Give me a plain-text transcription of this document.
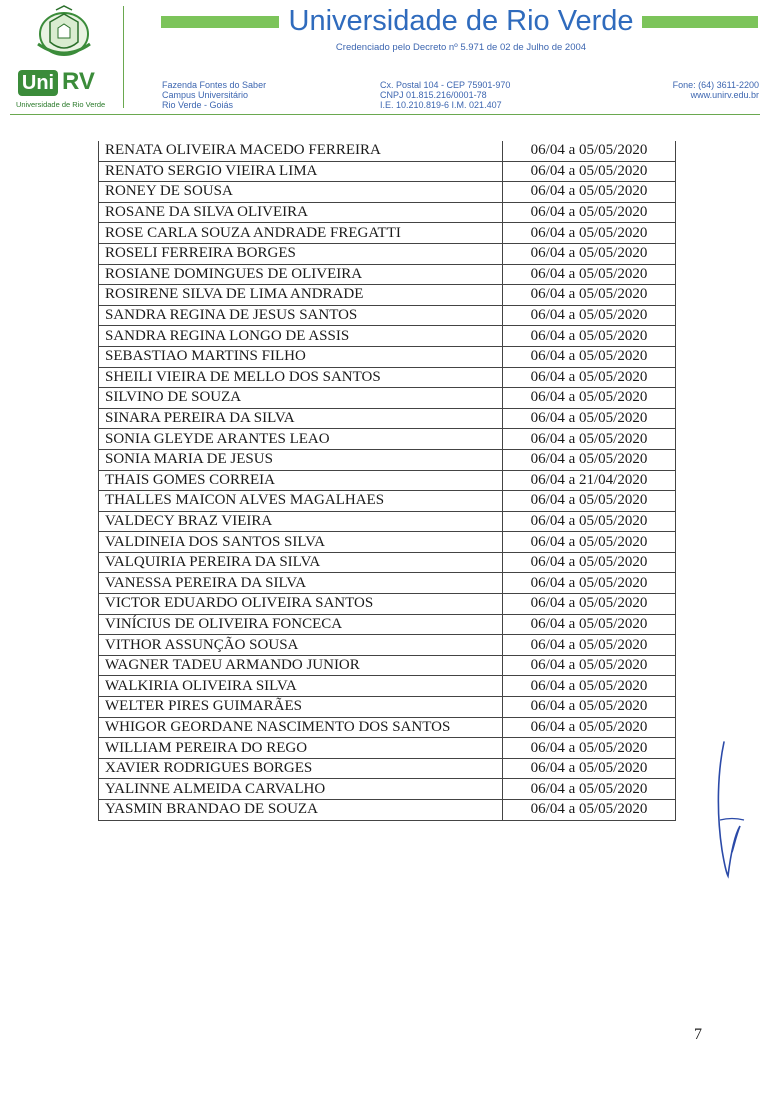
Uni RV
Universidade de Rio Verde
Universidade de Rio Verde
Credenciado pelo Decreto nº 5.971 de 02 de Julho de 2004
Fazenda Fontes do Saber
Campus Universitário
Rio Verde - Goiás
Cx. Postal 104 - CEP 75901-970
CNPJ 01.815.216/0001-78
I.E. 10.210.819-6 I.M. 021.407
Fone: (64) 3611-2200
www.unirv.edu.br
RENATA OLIVEIRA MACEDO FERREIRA	06/04 a 05/05/2020
RENATO SERGIO VIEIRA LIMA	06/04 a 05/05/2020
RONEY DE SOUSA	06/04 a 05/05/2020
ROSANE DA SILVA OLIVEIRA	06/04 a 05/05/2020
ROSE CARLA SOUZA ANDRADE FREGATTI	06/04 a 05/05/2020
ROSELI FERREIRA BORGES	06/04 a 05/05/2020
ROSIANE DOMINGUES DE OLIVEIRA	06/04 a 05/05/2020
ROSIRENE SILVA DE LIMA ANDRADE	06/04 a 05/05/2020
SANDRA REGINA DE JESUS SANTOS	06/04 a 05/05/2020
SANDRA REGINA LONGO DE ASSIS	06/04 a 05/05/2020
SEBASTIAO MARTINS FILHO	06/04 a 05/05/2020
SHEILI VIEIRA DE MELLO DOS SANTOS	06/04 a 05/05/2020
SILVINO DE SOUZA	06/04 a 05/05/2020
SINARA PEREIRA DA SILVA	06/04 a 05/05/2020
SONIA GLEYDE ARANTES LEAO	06/04 a 05/05/2020
SONIA MARIA DE JESUS	06/04 a 05/05/2020
THAIS GOMES CORREIA	06/04 a 21/04/2020
THALLES MAICON ALVES MAGALHAES	06/04 a 05/05/2020
VALDECY BRAZ VIEIRA	06/04 a 05/05/2020
VALDINEIA DOS SANTOS SILVA	06/04 a 05/05/2020
VALQUIRIA PEREIRA DA SILVA	06/04 a 05/05/2020
VANESSA PEREIRA DA SILVA	06/04 a 05/05/2020
VICTOR EDUARDO OLIVEIRA SANTOS	06/04 a 05/05/2020
VINÍCIUS DE OLIVEIRA FONCECA	06/04 a 05/05/2020
VITHOR ASSUNÇÃO SOUSA	06/04 a 05/05/2020
WAGNER TADEU ARMANDO JUNIOR	06/04 a 05/05/2020
WALKIRIA OLIVEIRA SILVA	06/04 a 05/05/2020
WELTER PIRES GUIMARÃES	06/04 a 05/05/2020
WHIGOR GEORDANE NASCIMENTO DOS SANTOS	06/04 a 05/05/2020
WILLIAM PEREIRA DO REGO	06/04 a 05/05/2020
XAVIER RODRIGUES BORGES	06/04 a 05/05/2020
YALINNE ALMEIDA CARVALHO	06/04 a 05/05/2020
YASMIN BRANDAO DE SOUZA	06/04 a 05/05/2020
7
